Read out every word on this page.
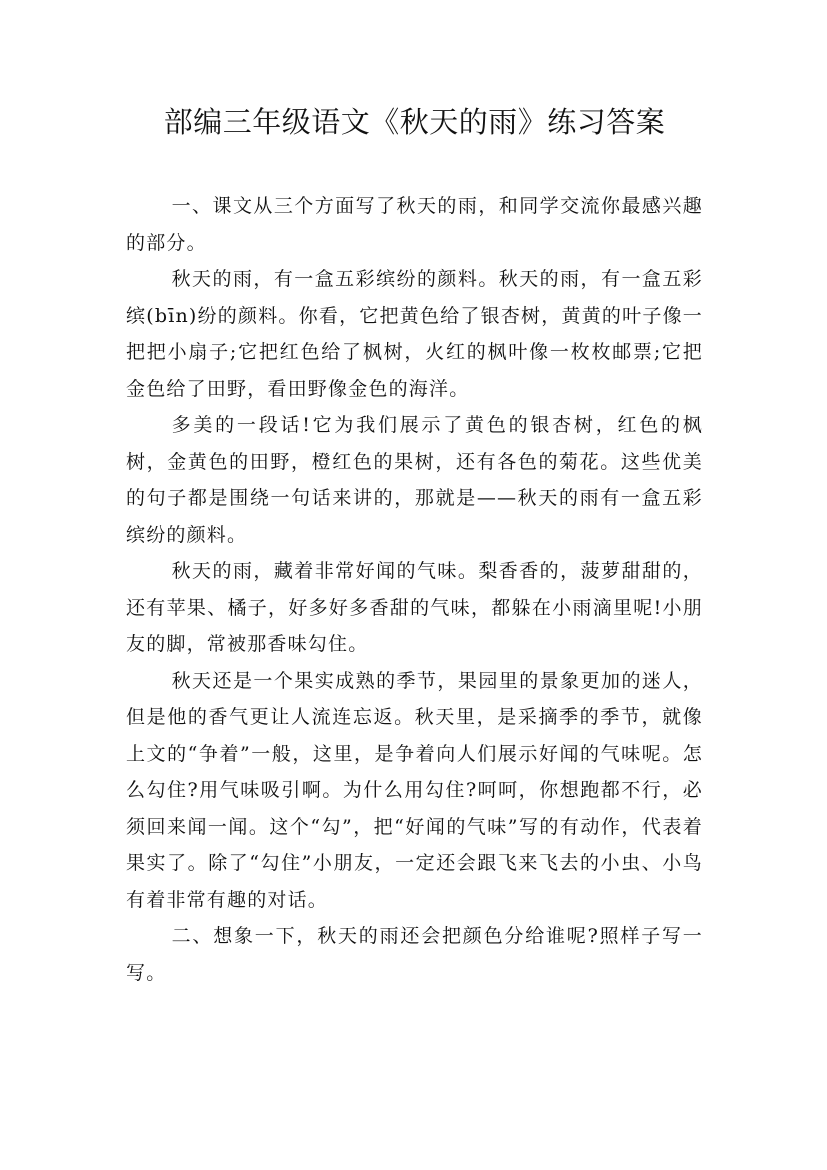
部编三年级语文《秋天的雨》练习答案

一、课文从三个方面写了秋天的雨，和同学交流你最感兴趣的部分。

秋天的雨，有一盒五彩缤纷的颜料。秋天的雨，有一盒五彩缤(bīn)纷的颜料。你看，它把黄色给了银杏树，黄黄的叶子像一把把小扇子;它把红色给了枫树，火红的枫叶像一枚枚邮票;它把金色给了田野，看田野像金色的海洋。

多美的一段话!它为我们展示了黄色的银杏树，红色的枫树，金黄色的田野，橙红色的果树，还有各色的菊花。这些优美的句子都是围绕一句话来讲的，那就是——秋天的雨有一盒五彩缤纷的颜料。

秋天的雨，藏着非常好闻的气味。梨香香的，菠萝甜甜的，还有苹果、橘子，好多好多香甜的气味，都躲在小雨滴里呢!小朋友的脚，常被那香味勾住。

秋天还是一个果实成熟的季节，果园里的景象更加的迷人，但是他的香气更让人流连忘返。秋天里，是采摘季的季节，就像上文的“争着”一般，这里，是争着向人们展示好闻的气味呢。怎么勾住?用气味吸引啊。为什么用勾住?呵呵，你想跑都不行，必须回来闻一闻。这个“勾”，把“好闻的气味”写的有动作，代表着果实了。除了“勾住”小朋友，一定还会跟飞来飞去的小虫、小鸟有着非常有趣的对话。

二、想象一下，秋天的雨还会把颜色分给谁呢?照样子写一写。
